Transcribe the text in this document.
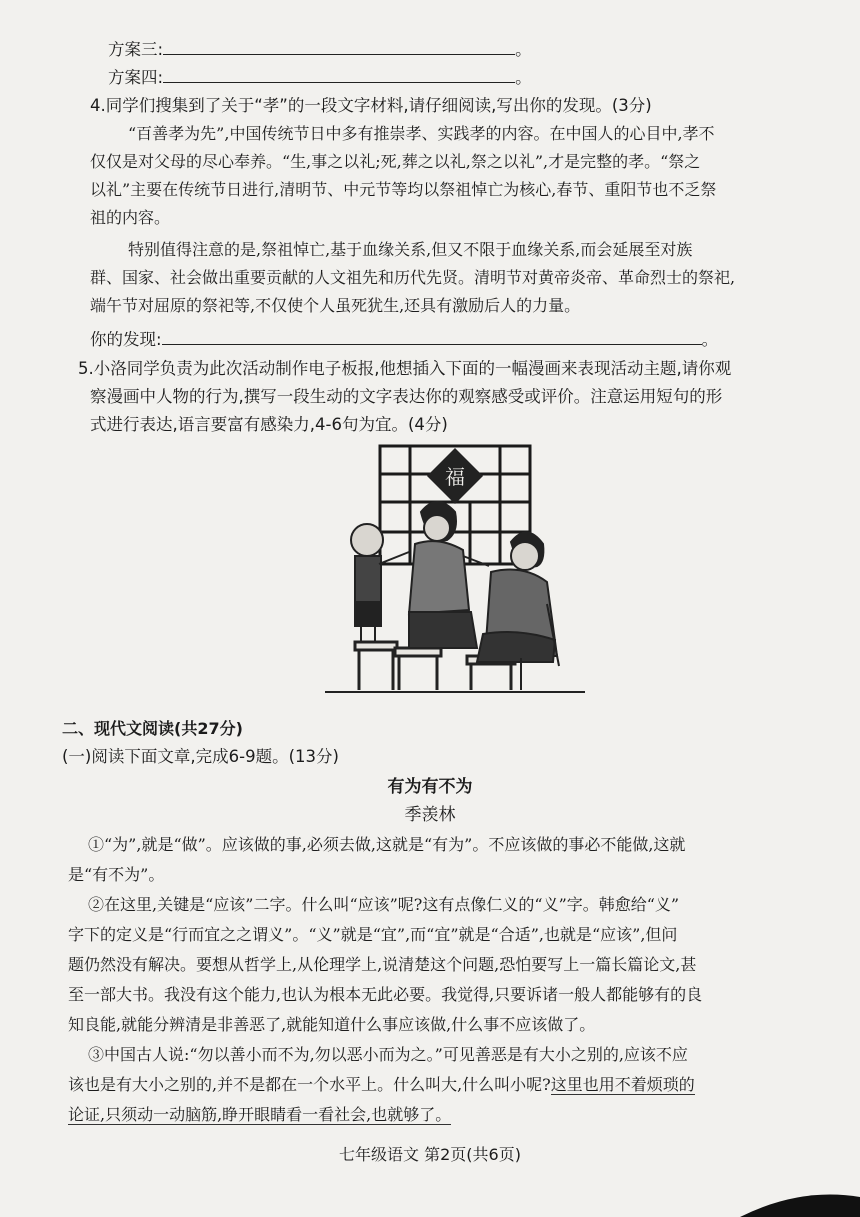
方案三:	。
方案四:	。
4.同学们搜集到了关于“孝”的一段文字材料,请仔细阅读,写出你的发现。(3分)
“百善孝为先”,中国传统节日中多有推崇孝、实践孝的内容。在中国人的心目中,孝不
仅仅是对父母的尽心奉养。“生,事之以礼;死,葬之以礼,祭之以礼”,才是完整的孝。“祭之
以礼”主要在传统节日进行,清明节、中元节等均以祭祖悼亡为核心,春节、重阳节也不乏祭
祖的内容。
特别值得注意的是,祭祖悼亡,基于血缘关系,但又不限于血缘关系,而会延展至对族
群、国家、社会做出重要贡献的人文祖先和历代先贤。清明节对黄帝炎帝、革命烈士的祭祀,
端午节对屈原的祭祀等,不仅使个人虽死犹生,还具有激励后人的力量。
你的发现:	。
5.小洛同学负责为此次活动制作电子板报,他想插入下面的一幅漫画来表现活动主题,请你观
察漫画中人物的行为,撰写一段生动的文字表达你的观察感受或评价。注意运用短句的形
式进行表达,语言要富有感染力,4-6句为宜。(4分)
福
二、现代文阅读(共27分)
(一)阅读下面文章,完成6-9题。(13分)
有为有不为
季羡林
①“为”,就是“做”。应该做的事,必须去做,这就是“有为”。不应该做的事必不能做,这就
是“有不为”。
②在这里,关键是“应该”二字。什么叫“应该”呢?这有点像仁义的“义”字。韩愈给“义”
字下的定义是“行而宜之之谓义”。“义”就是“宜”,而“宜”就是“合适”,也就是“应该”,但问
题仍然没有解决。要想从哲学上,从伦理学上,说清楚这个问题,恐怕要写上一篇长篇论文,甚
至一部大书。我没有这个能力,也认为根本无此必要。我觉得,只要诉诸一般人都能够有的良
知良能,就能分辨清是非善恶了,就能知道什么事应该做,什么事不应该做了。
③中国古人说:“勿以善小而不为,勿以恶小而为之。”可见善恶是有大小之别的,应该不应
该也是有大小之别的,并不是都在一个水平上。什么叫大,什么叫小呢?这里也用不着烦琐的
论证,只须动一动脑筋,睁开眼睛看一看社会,也就够了。
七年级语文 第2页(共6页)
